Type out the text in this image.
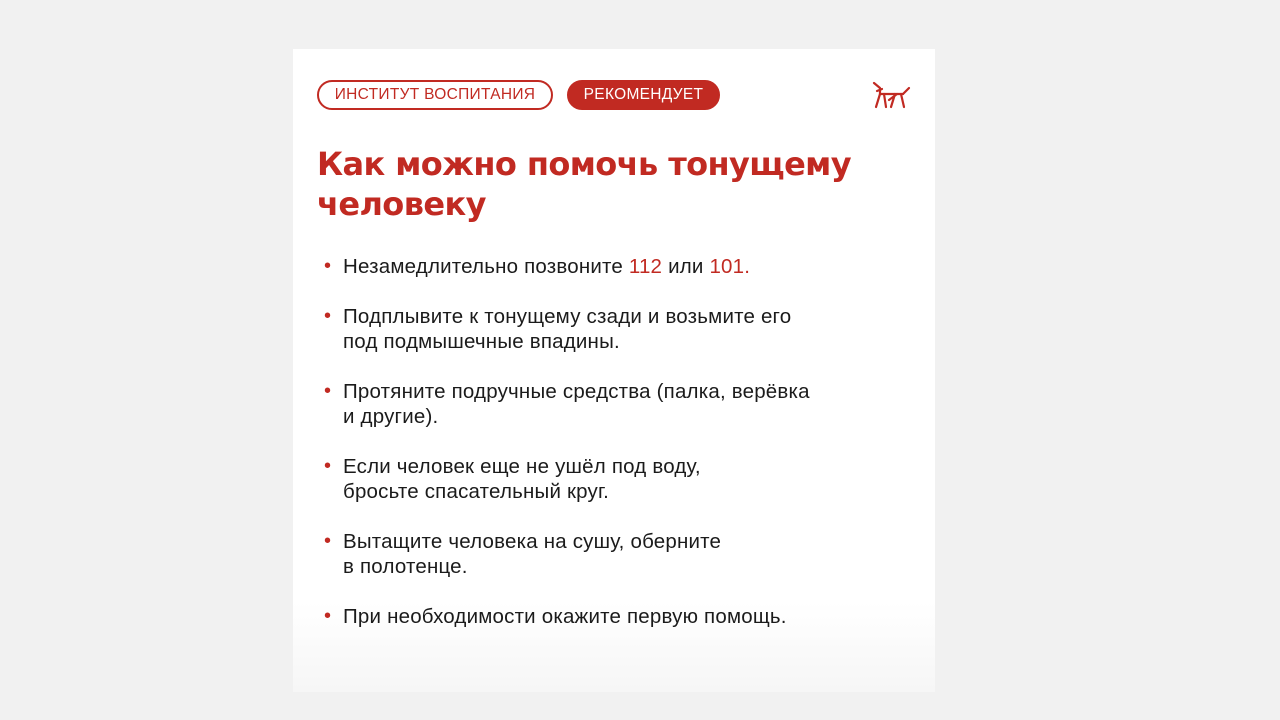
ИНСТИТУТ ВОСПИТАНИЯ	РЕКОМЕНДУЕТ
Как можно помочь тонущему
человеку
• Незамедлительно позвоните 112 или 101.
• Подплывите к тонущему сзади и возьмите его
под подмышечные впадины.
• Протяните подручные средства (палка, верёвка
и другие).
• Если человек еще не ушёл под воду,
бросьте спасательный круг.
• Вытащите человека на сушу, оберните
в полотенце.
• При необходимости окажите первую помощь.
